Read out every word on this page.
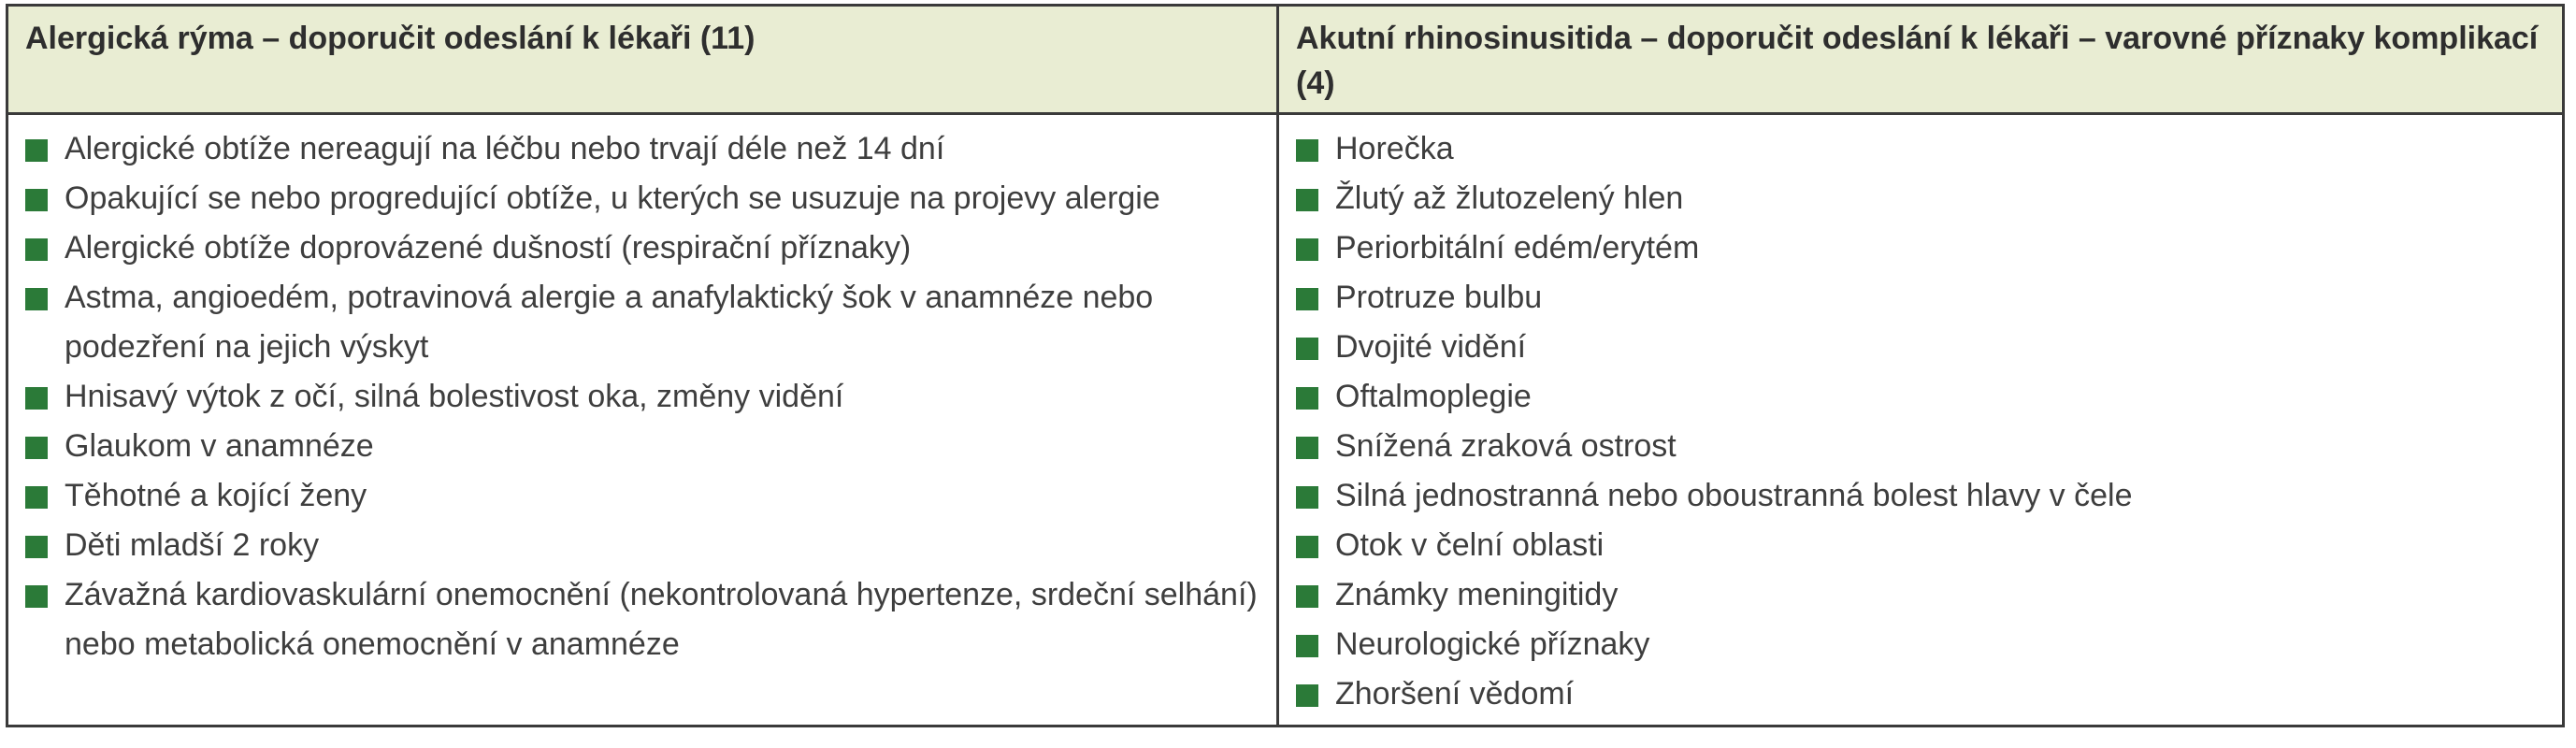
Alergická rýma – doporučit odeslání k lékaři (11)	Akutní rhinosinusitida – doporučit odeslání k lékaři – varovné příznaky komplikací (4)
Alergické obtíže nereagují na léčbu nebo trvají déle než 14 dní
Opakující se nebo progredující obtíže, u kterých se usuzuje na projevy alergie
Alergické obtíže doprovázené dušností (respirační příznaky)
Astma, angioedém, potravinová alergie a anafylaktický šok v anamnéze nebo podezření na jejich výskyt
Hnisavý výtok z očí, silná bolestivost oka, změny vidění
Glaukom v anamnéze
Těhotné a kojící ženy
Děti mladší 2 roky
Závažná kardiovaskulární onemocnění (nekontrolovaná hypertenze, srdeční selhání) nebo metabolická onemocnění v anamnéze
Horečka
Žlutý až žlutozelený hlen
Periorbitální edém/erytém
Protruze bulbu
Dvojité vidění
Oftalmoplegie
Snížená zraková ostrost
Silná jednostranná nebo oboustranná bolest hlavy v čele
Otok v čelní oblasti
Známky meningitidy
Neurologické příznaky
Zhoršení vědomí
